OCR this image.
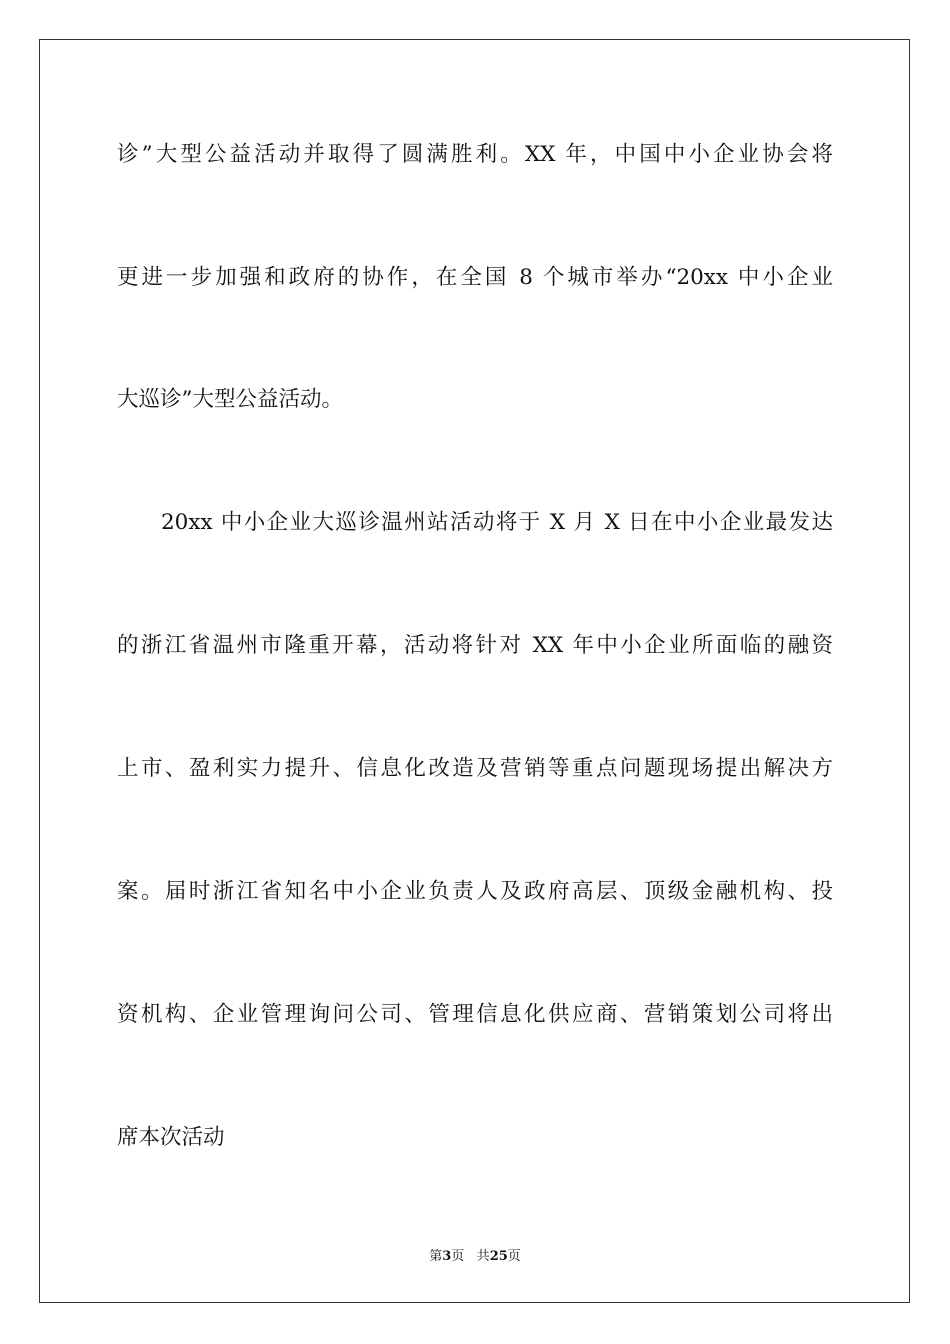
诊”大型公益活动并取得了圆满胜利。XX 年，中国中小企业协会将
更进一步加强和政府的协作，在全国 8 个城市举办“20xx 中小企业
大巡诊”大型公益活动。
20xx 中小企业大巡诊温州站活动将于 X 月 X 日在中小企业最发达
的浙江省温州市隆重开幕，活动将针对 XX 年中小企业所面临的融资
上市、盈利实力提升、信息化改造及营销等重点问题现场提出解决方
案。届时浙江省知名中小企业负责人及政府高层、顶级金融机构、投
资机构、企业管理询问公司、管理信息化供应商、营销策划公司将出
席本次活动
第3页 共25页
